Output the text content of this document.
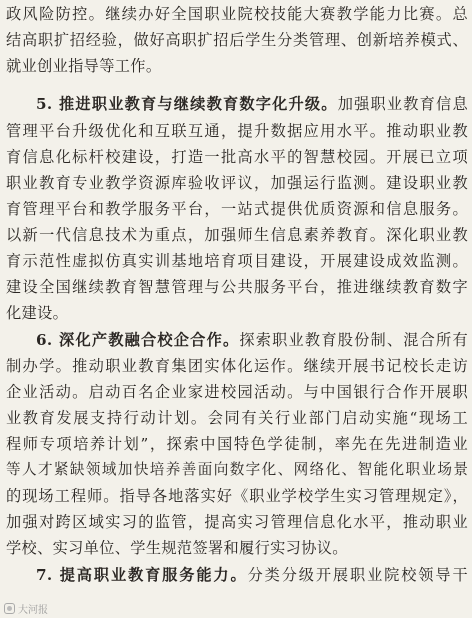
政风险防控。继续办好全国职业院校技能大赛教学能力比赛。总
结高职扩招经验，做好高职扩招后学生分类管理、创新培养模式、
就业创业指导等工作。
5. 推进职业教育与继续教育数字化升级。加强职业教育信息
管理平台升级优化和互联互通，提升数据应用水平。推动职业教
育信息化标杆校建设，打造一批高水平的智慧校园。开展已立项
职业教育专业教学资源库验收评议，加强运行监测。建设职业教
育管理平台和教学服务平台，一站式提供优质资源和信息服务。
以新一代信息技术为重点，加强师生信息素养教育。深化职业教
育示范性虚拟仿真实训基地培育项目建设，开展建设成效监测。
建设全国继续教育智慧管理与公共服务平台，推进继续教育数字
化建设。
6. 深化产教融合校企合作。探索职业教育股份制、混合所有
制办学。推动职业教育集团实体化运作。继续开展书记校长走访
企业活动。启动百名企业家进校园活动。与中国银行合作开展职
业教育发展支持行动计划。会同有关行业部门启动实施“现场工
程师专项培养计划”，探索中国特色学徒制，率先在先进制造业
等人才紧缺领域加快培养善面向数字化、网络化、智能化职业场景
的现场工程师。指导各地落实好《职业学校学生实习管理规定》，
加强对跨区域实习的监管，提高实习管理信息化水平，推动职业
学校、实习单位、学生规范签署和履行实习协议。
7. 提高职业教育服务能力。分类分级开展职业院校领导干
大河报
